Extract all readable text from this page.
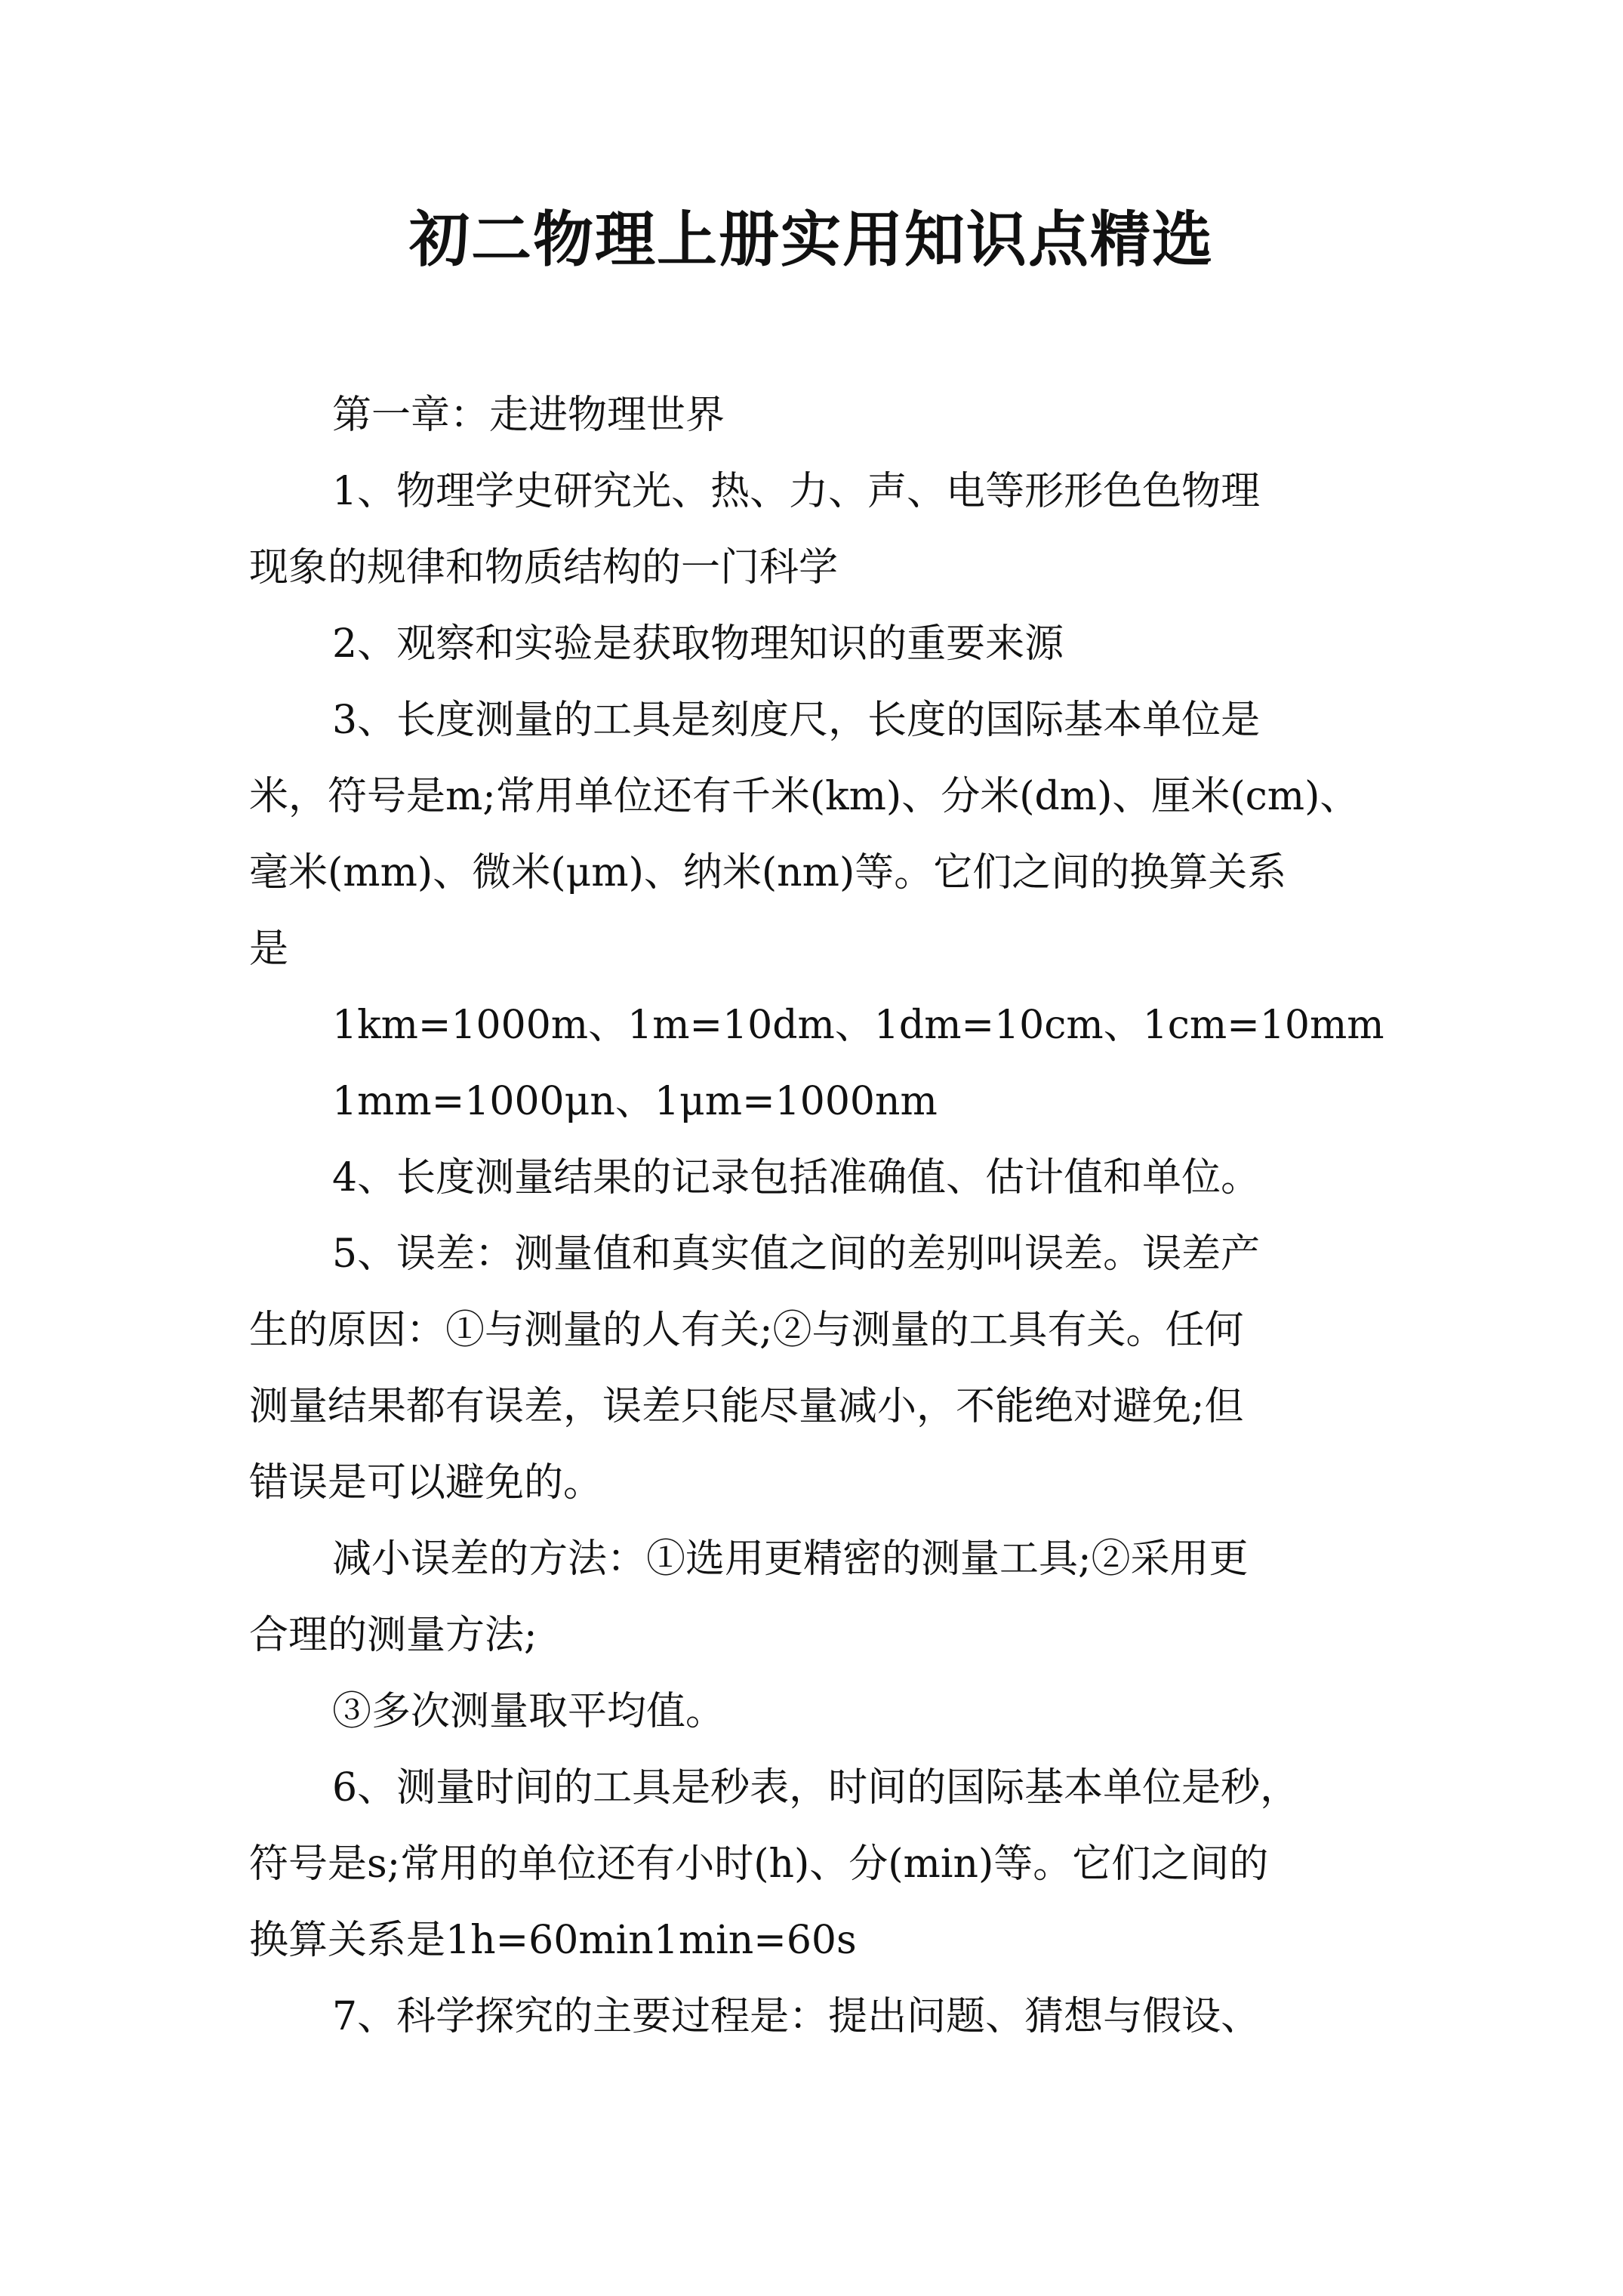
初二物理上册实用知识点精选

第一章：走进物理世界

1、物理学史研究光、热、力、声、电等形形色色物理
现象的规律和物质结构的一门科学

2、观察和实验是获取物理知识的重要来源

3、长度测量的工具是刻度尺，长度的国际基本单位是
米，符号是m;常用单位还有千米(km)、分米(dm)、厘米(cm)、
毫米(mm)、微米(μm)、纳米(nm)等。它们之间的换算关系
是

1km=1000m、1m=10dm、1dm=10cm、1cm=10mm

1mm=1000μn、1μm=1000nm

4、长度测量结果的记录包括准确值、估计值和单位。

5、误差：测量值和真实值之间的差别叫误差。误差产
生的原因：①与测量的人有关;②与测量的工具有关。任何
测量结果都有误差，误差只能尽量减小，不能绝对避免;但
错误是可以避免的。

减小误差的方法：①选用更精密的测量工具;②采用更
合理的测量方法;

③多次测量取平均值。

6、测量时间的工具是秒表，时间的国际基本单位是秒，
符号是s;常用的单位还有小时(h)、分(min)等。它们之间的
换算关系是1h=60min1min=60s

7、科学探究的主要过程是：提出问题、猜想与假设、
